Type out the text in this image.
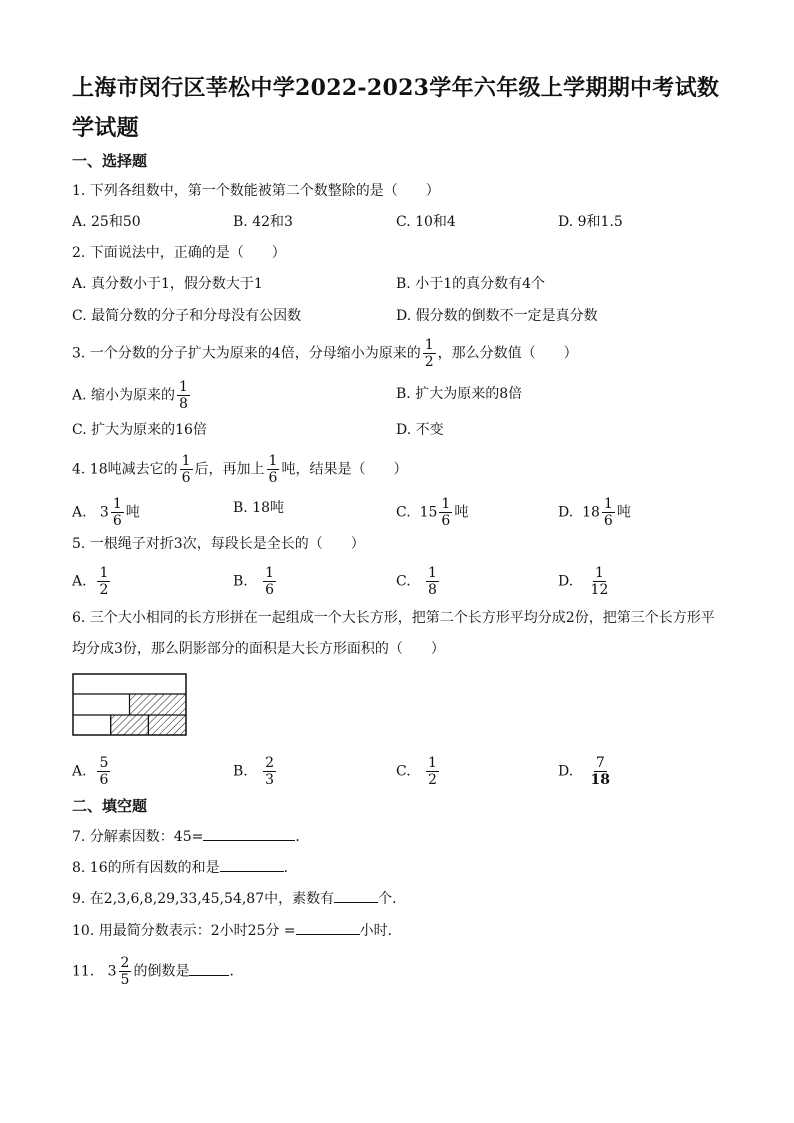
上海市闵行区莘松中学2022-2023学年六年级上学期期中考试数学试题
一、选择题
1. 下列各组数中，第一个数能被第二个数整除的是（　　）
A. 25和50	B. 42和3	C. 10和4	D. 9和1.5
2. 下面说法中，正确的是（　　）
A. 真分数小于1，假分数大于1	B. 小于1的真分数有4个
C. 最简分数的分子和分母没有公因数	D. 假分数的倒数不一定是真分数
3. 一个分数的分子扩大为原来的4倍，分母缩小为原来的 $\frac{1}{2}$ ，那么分数值（　　）
A. 缩小为原来的 $\frac{1}{8}$	B. 扩大为原来的8倍
C. 扩大为原来的16倍	D. 不变
4. 18吨减去它的 $\frac{1}{6}$ 后，再加上 $\frac{1}{6}$ 吨，结果是（　　）
A. $3 \frac{1}{6}$ 吨	B. 18吨	C. $15 \frac{1}{6}$ 吨	D. $18 \frac{1}{6}$ 吨
5. 一根绳子对折3次，每段长是全长的（　　）
A. $\frac{1}{2}$	B. $\frac{1}{6}$	C. $\frac{1}{8}$	D. $\frac{1}{12}$
6. 三个大小相同的长方形拼在一起组成一个大长方形，把第二个长方形平均分成2份，把第三个长方形平
均分成3份，那么阴影部分的面积是大长方形面积的（　　）
A. $\frac{5}{6}$	B. $\frac{2}{3}$	C. $\frac{1}{2}$	D. $\frac{7}{18}$
二、填空题
7. 分解素因数：45=	．
8. 16的所有因数的和是	．
9. 在2,3,6,8,29,33,45,54,87中，素数有	个．
10. 用最简分数表示：2小时25分 =	小时．
11. $3 \frac{2}{5}$ 的倒数是	．
